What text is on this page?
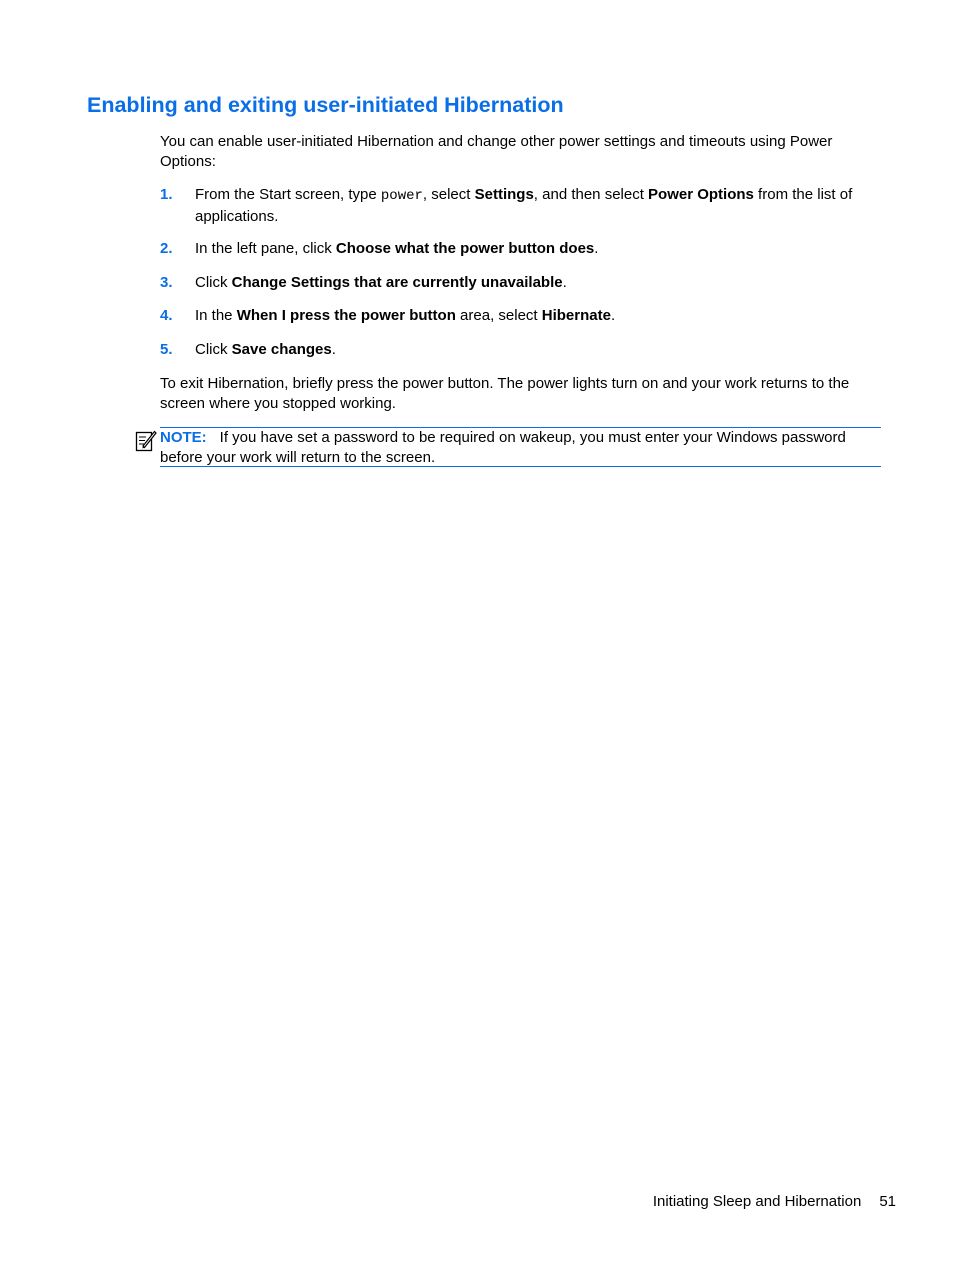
Enabling and exiting user-initiated Hibernation

You can enable user-initiated Hibernation and change other power settings and timeouts using Power Options:

1. From the Start screen, type power, select Settings, and then select Power Options from the list of applications.
2. In the left pane, click Choose what the power button does.
3. Click Change Settings that are currently unavailable.
4. In the When I press the power button area, select Hibernate.
5. Click Save changes.

To exit Hibernation, briefly press the power button. The power lights turn on and your work returns to the screen where you stopped working.

NOTE: If you have set a password to be required on wakeup, you must enter your Windows password before your work will return to the screen.

Initiating Sleep and Hibernation 51
